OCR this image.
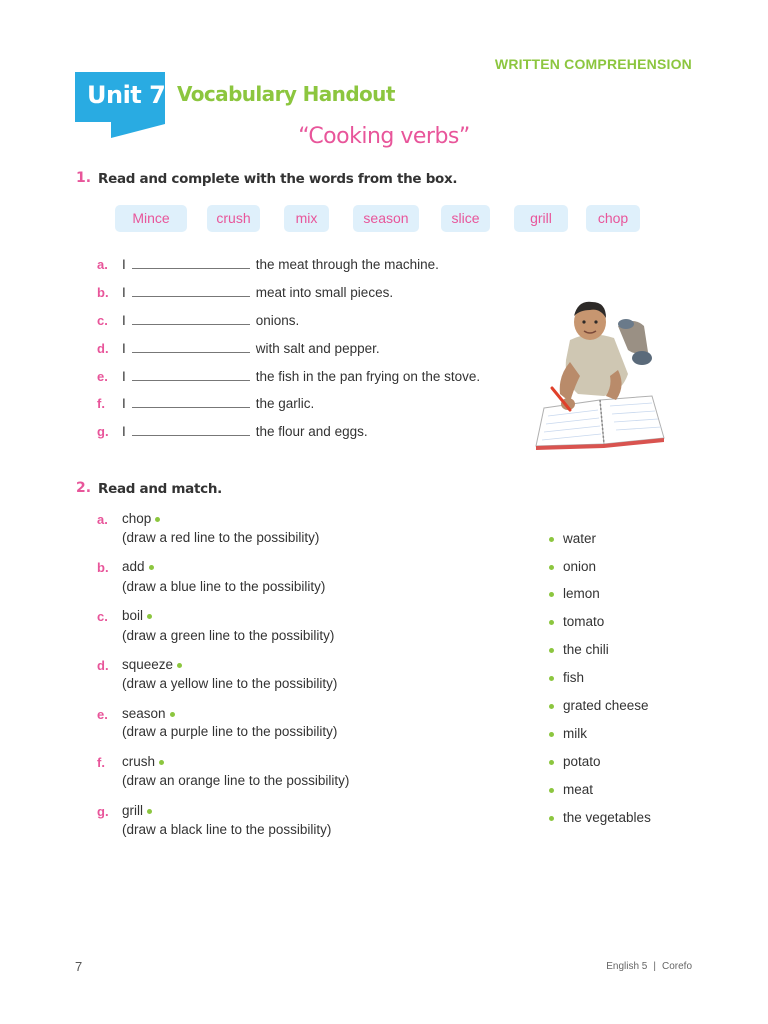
WRITTEN COMPREHENSION
Unit 7 Vocabulary Handout
“Cooking verbs”
1. Read and complete with the words from the box.
Mince	crush	mix	season	slice	grill	chop
a. I	the meat through the machine.
b. I	meat into small pieces.
c. I	onions.
d. I	with salt and pepper.
e. I	the fish in the pan frying on the stove.
f. I	the garlic.
g. I	the flour and eggs.
2. Read and match.
a. chop
(draw a red line to the possibility)
b. add
(draw a blue line to the possibility)
c. boil
(draw a green line to the possibility)
d. squeeze
(draw a yellow line to the possibility)
e. season
(draw a purple line to the possibility)
f. crush
(draw an orange line to the possibility)
g. grill
(draw a black line to the possibility)
water
onion
lemon
tomato
the chili
fish
grated cheese
milk
potato
meat
the vegetables
7	English 5 | Corefo
